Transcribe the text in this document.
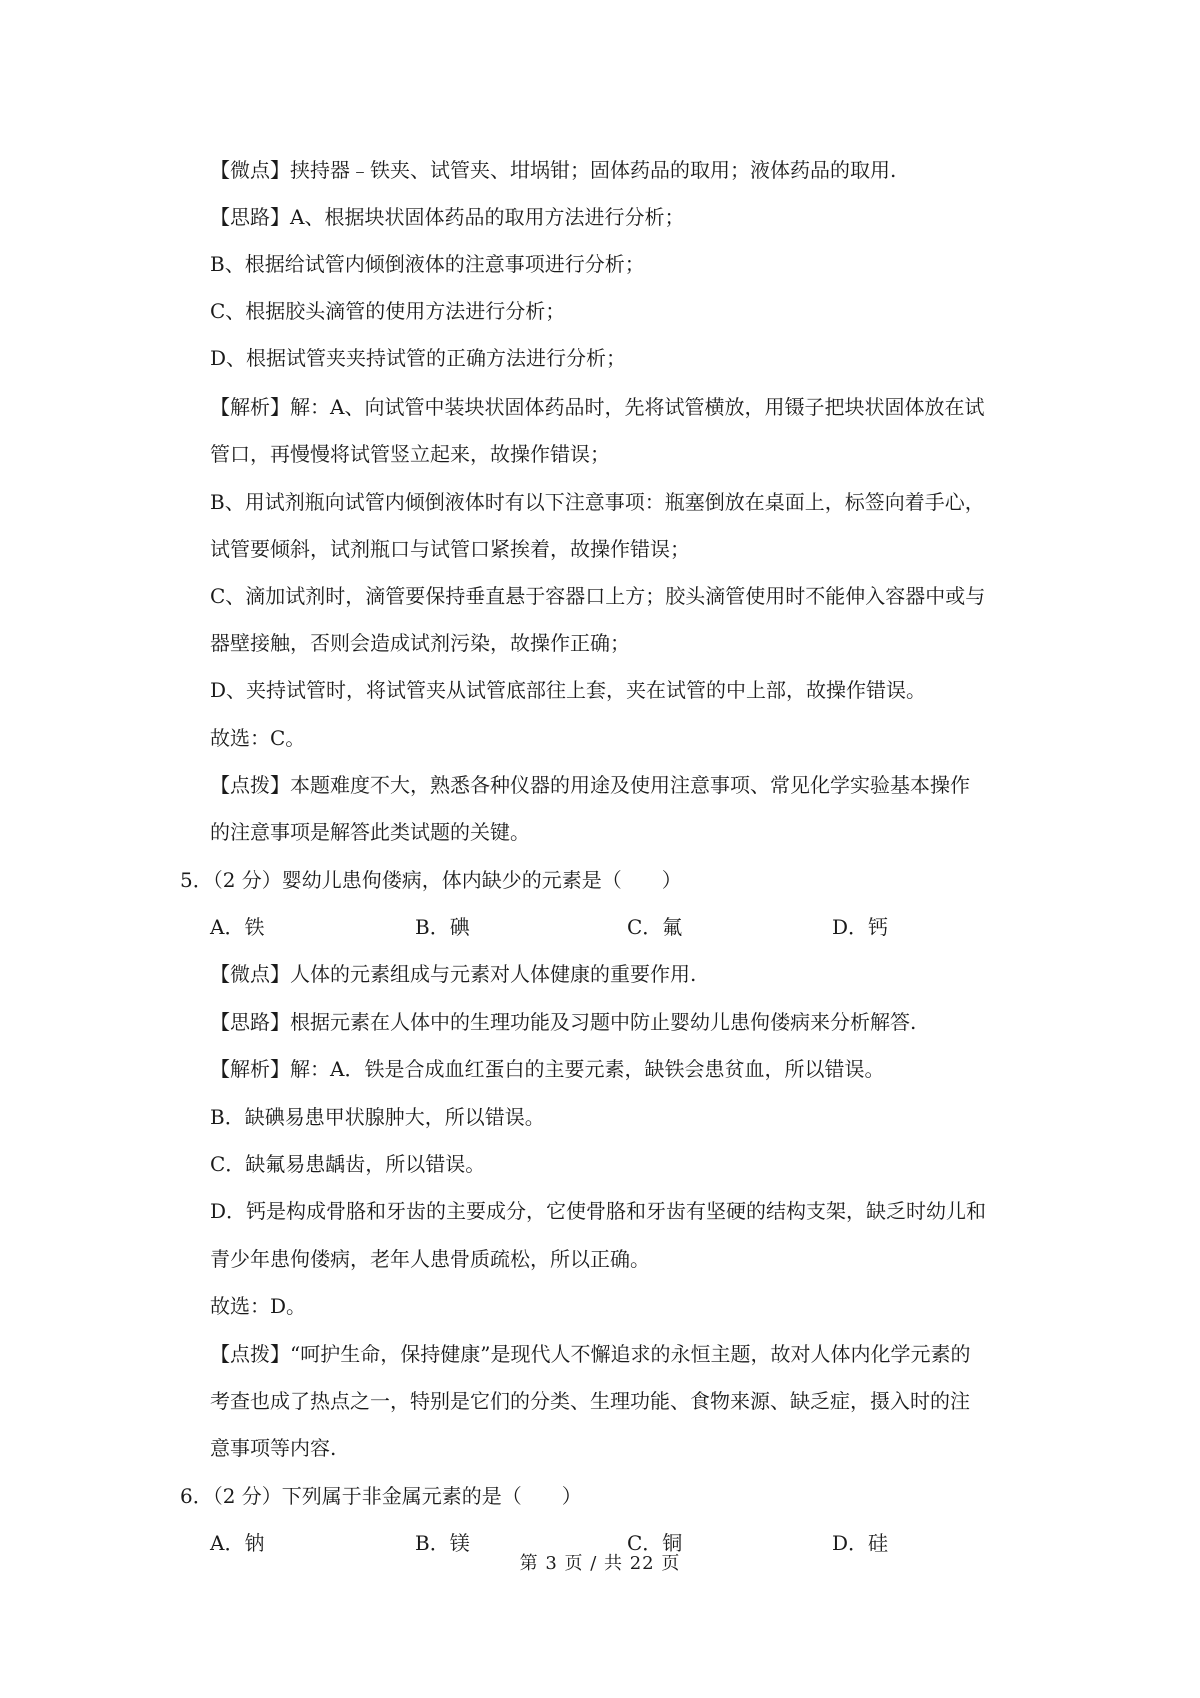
【微点】挟持器﹣铁夹、试管夹、坩埚钳；固体药品的取用；液体药品的取用.
【思路】A、根据块状固体药品的取用方法进行分析；
B、根据给试管内倾倒液体的注意事项进行分析；
C、根据胶头滴管的使用方法进行分析；
D、根据试管夹夹持试管的正确方法进行分析；
【解析】解：A、向试管中装块状固体药品时，先将试管横放，用镊子把块状固体放在试
管口，再慢慢将试管竖立起来，故操作错误；
B、用试剂瓶向试管内倾倒液体时有以下注意事项：瓶塞倒放在桌面上，标签向着手心，
试管要倾斜，试剂瓶口与试管口紧挨着，故操作错误；
C、滴加试剂时，滴管要保持垂直悬于容器口上方；胶头滴管使用时不能伸入容器中或与
器壁接触，否则会造成试剂污染，故操作正确；
D、夹持试管时，将试管夹从试管底部往上套，夹在试管的中上部，故操作错误。
故选：C。
【点拨】本题难度不大，熟悉各种仪器的用途及使用注意事项、常见化学实验基本操作
的注意事项是解答此类试题的关键。
5．（2 分）婴幼儿患佝偻病，体内缺少的元素是（　　）
A．铁	B．碘	C．氟	D．钙
【微点】人体的元素组成与元素对人体健康的重要作用.
【思路】根据元素在人体中的生理功能及习题中防止婴幼儿患佝偻病来分析解答.
【解析】解：A．铁是合成血红蛋白的主要元素，缺铁会患贫血，所以错误。
B．缺碘易患甲状腺肿大，所以错误。
C．缺氟易患龋齿，所以错误。
D．钙是构成骨胳和牙齿的主要成分，它使骨胳和牙齿有坚硬的结构支架，缺乏时幼儿和
青少年患佝偻病，老年人患骨质疏松，所以正确。
故选：D。
【点拨】“呵护生命，保持健康”是现代人不懈追求的永恒主题，故对人体内化学元素的
考查也成了热点之一，特别是它们的分类、生理功能、食物来源、缺乏症，摄入时的注
意事项等内容.
6．（2 分）下列属于非金属元素的是（　　）
A．钠	B．镁	C．铜	D．硅
第 3 页 / 共 22 页
